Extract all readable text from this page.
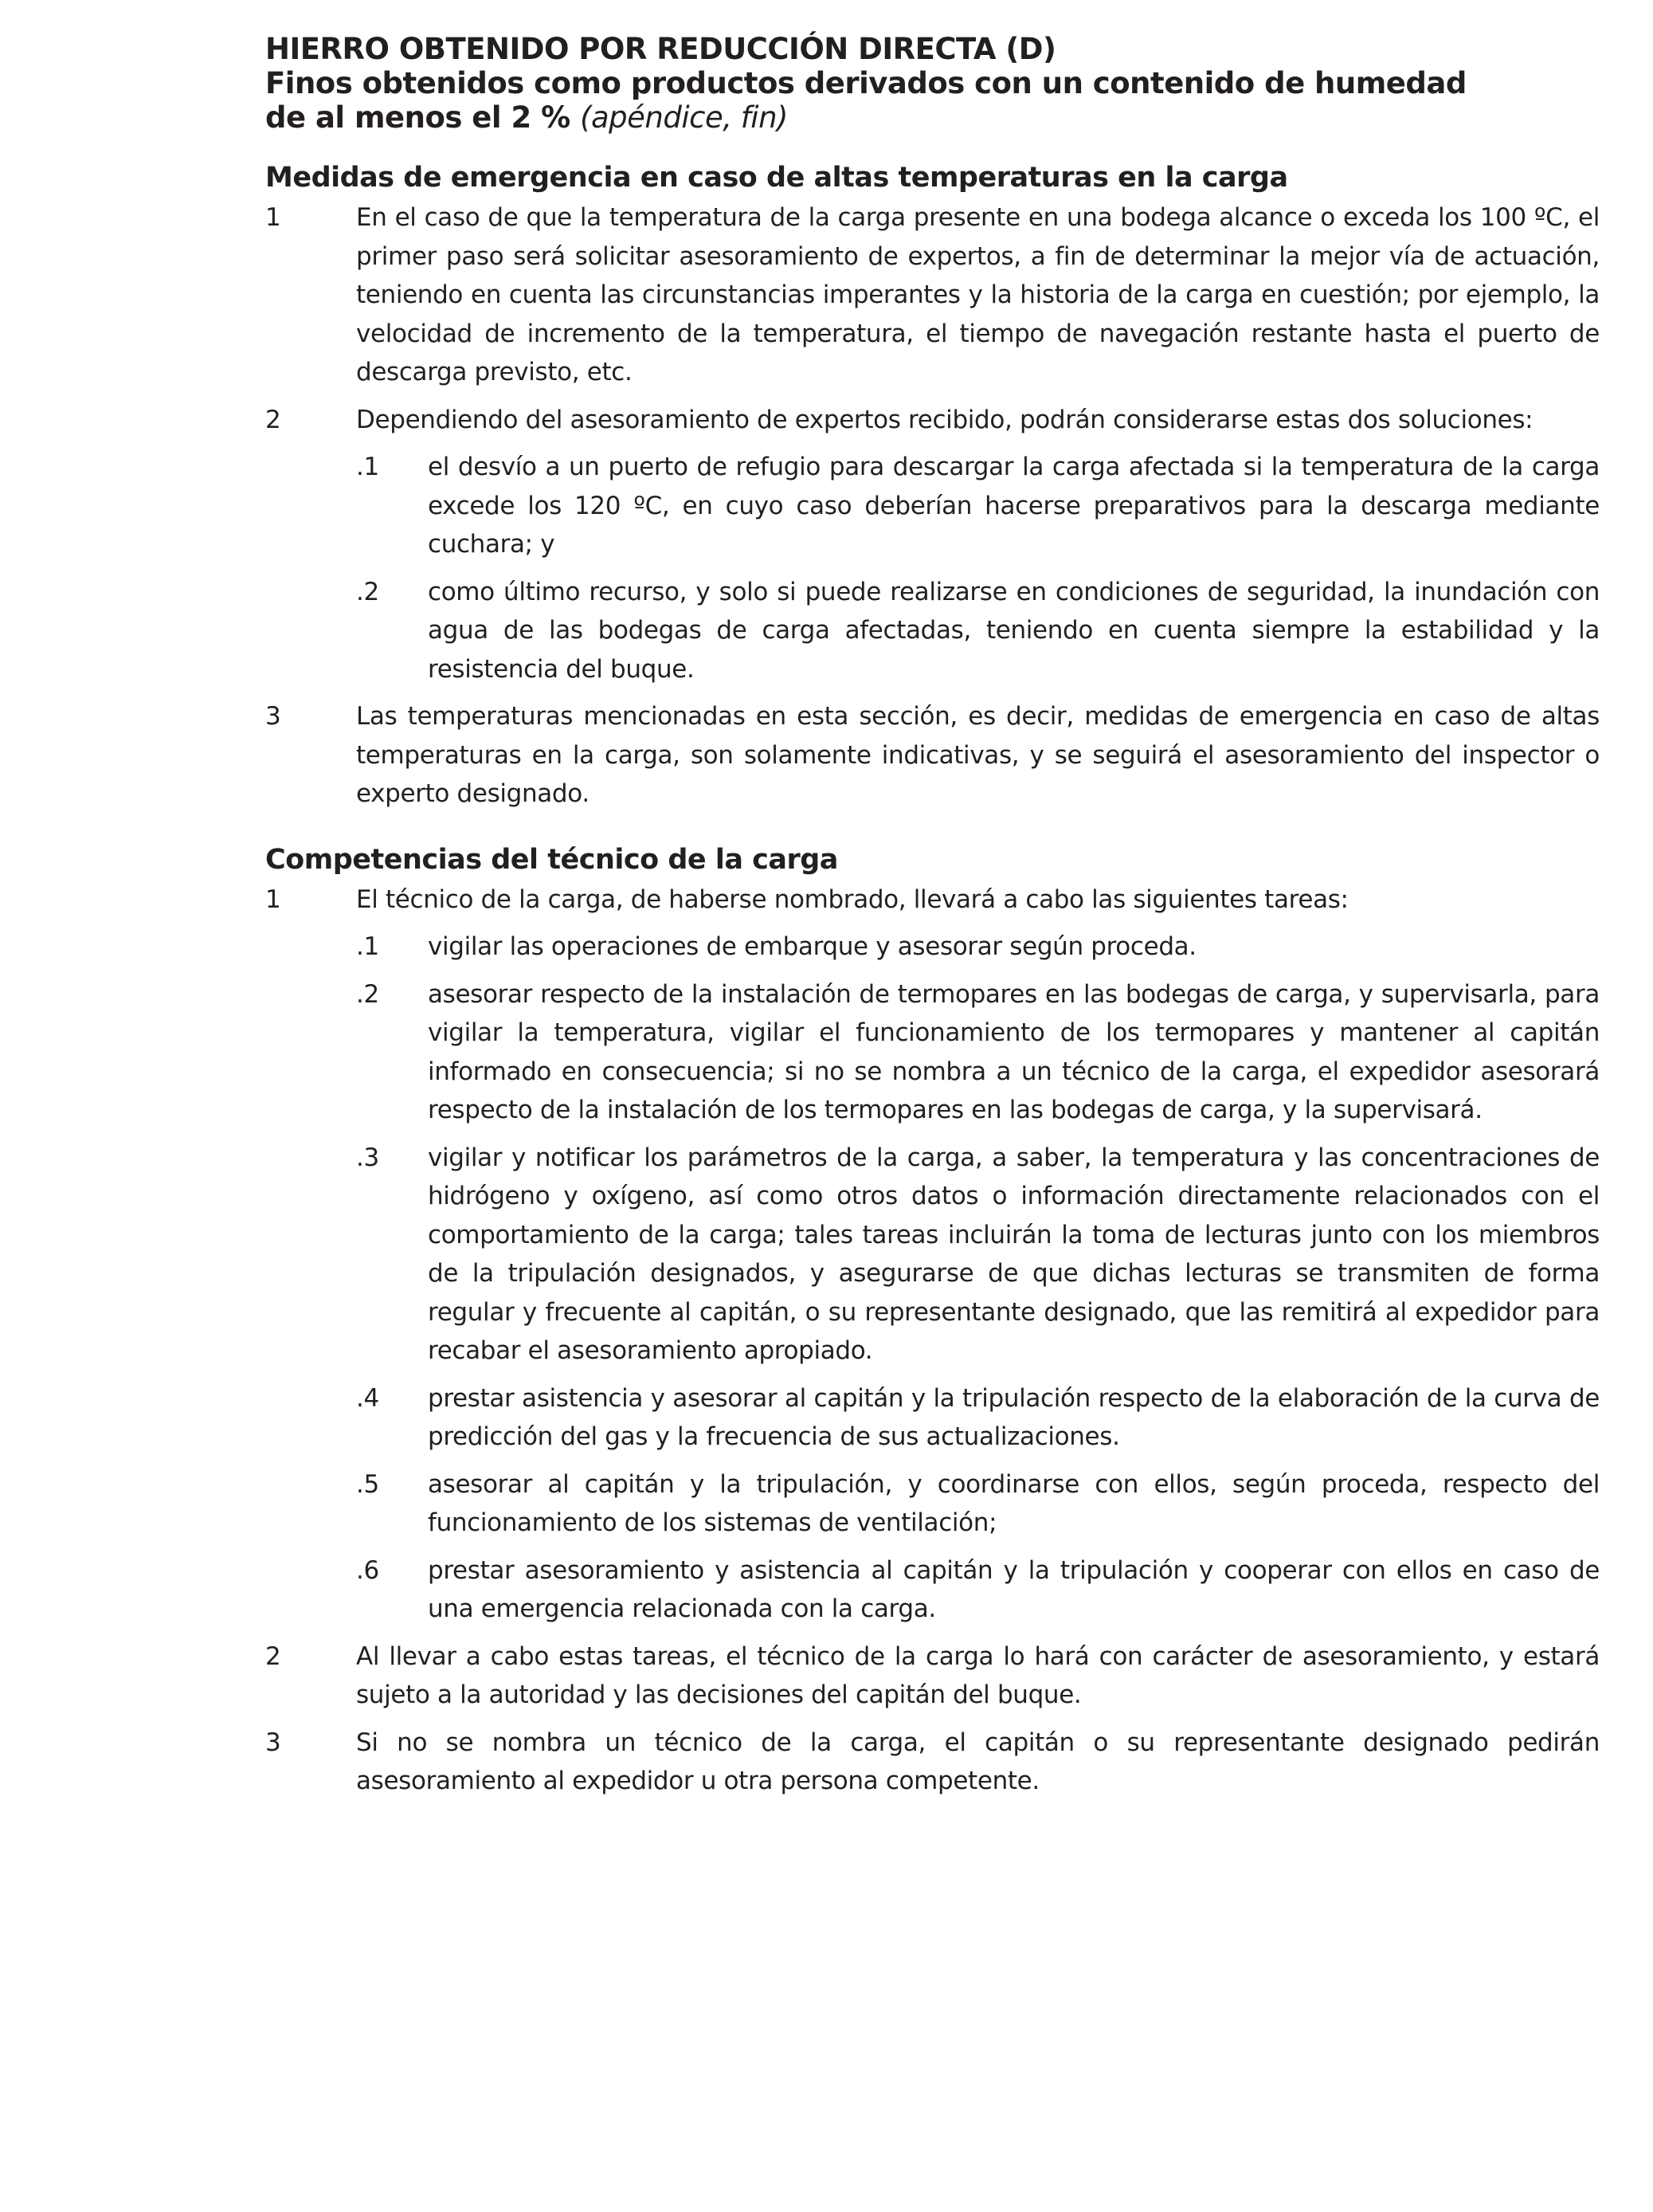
HIERRO OBTENIDO POR REDUCCIÓN DIRECTA (D)
Finos obtenidos como productos derivados con un contenido de humedad
de al menos el 2 % (apéndice, fin)
Medidas de emergencia en caso de altas temperaturas en la carga
1	En el caso de que la temperatura de la carga presente en una bodega alcance o exceda los 100 ºC, el primer paso será solicitar asesoramiento de expertos, a fin de determinar la mejor vía de actuación, teniendo en cuenta las circunstancias imperantes y la historia de la carga en cuestión; por ejemplo, la velocidad de incremento de la temperatura, el tiempo de navegación restante hasta el puerto de descarga previsto, etc.
2	Dependiendo del asesoramiento de expertos recibido, podrán considerarse estas dos soluciones:
.1	el desvío a un puerto de refugio para descargar la carga afectada si la temperatura de la carga excede los 120 ºC, en cuyo caso deberían hacerse preparativos para la descarga mediante cuchara; y
.2	como último recurso, y solo si puede realizarse en condiciones de seguridad, la inundación con agua de las bodegas de carga afectadas, teniendo en cuenta siempre la estabilidad y la resistencia del buque.
3	Las temperaturas mencionadas en esta sección, es decir, medidas de emergencia en caso de altas temperaturas en la carga, son solamente indicativas, y se seguirá el asesoramiento del inspector o experto designado.
Competencias del técnico de la carga
1	El técnico de la carga, de haberse nombrado, llevará a cabo las siguientes tareas:
.1	vigilar las operaciones de embarque y asesorar según proceda.
.2	asesorar respecto de la instalación de termopares en las bodegas de carga, y supervisarla, para vigilar la temperatura, vigilar el funcionamiento de los termopares y mantener al capitán informado en consecuencia; si no se nombra a un técnico de la carga, el expedidor asesorará respecto de la instalación de los termopares en las bodegas de carga, y la supervisará.
.3	vigilar y notificar los parámetros de la carga, a saber, la temperatura y las concentraciones de hidrógeno y oxígeno, así como otros datos o información directamente relacionados con el comportamiento de la carga; tales tareas incluirán la toma de lecturas junto con los miembros de la tripulación designados, y asegurarse de que dichas lecturas se transmiten de forma regular y frecuente al capitán, o su representante designado, que las remitirá al expedidor para recabar el asesoramiento apropiado.
.4	prestar asistencia y asesorar al capitán y la tripulación respecto de la elaboración de la curva de predicción del gas y la frecuencia de sus actualizaciones.
.5	asesorar al capitán y la tripulación, y coordinarse con ellos, según proceda, respecto del funcionamiento de los sistemas de ventilación;
.6	prestar asesoramiento y asistencia al capitán y la tripulación y cooperar con ellos en caso de una emergencia relacionada con la carga.
2	Al llevar a cabo estas tareas, el técnico de la carga lo hará con carácter de asesoramiento, y estará sujeto a la autoridad y las decisiones del capitán del buque.
3	Si no se nombra un técnico de la carga, el capitán o su representante designado pedirán asesoramiento al expedidor u otra persona competente.
